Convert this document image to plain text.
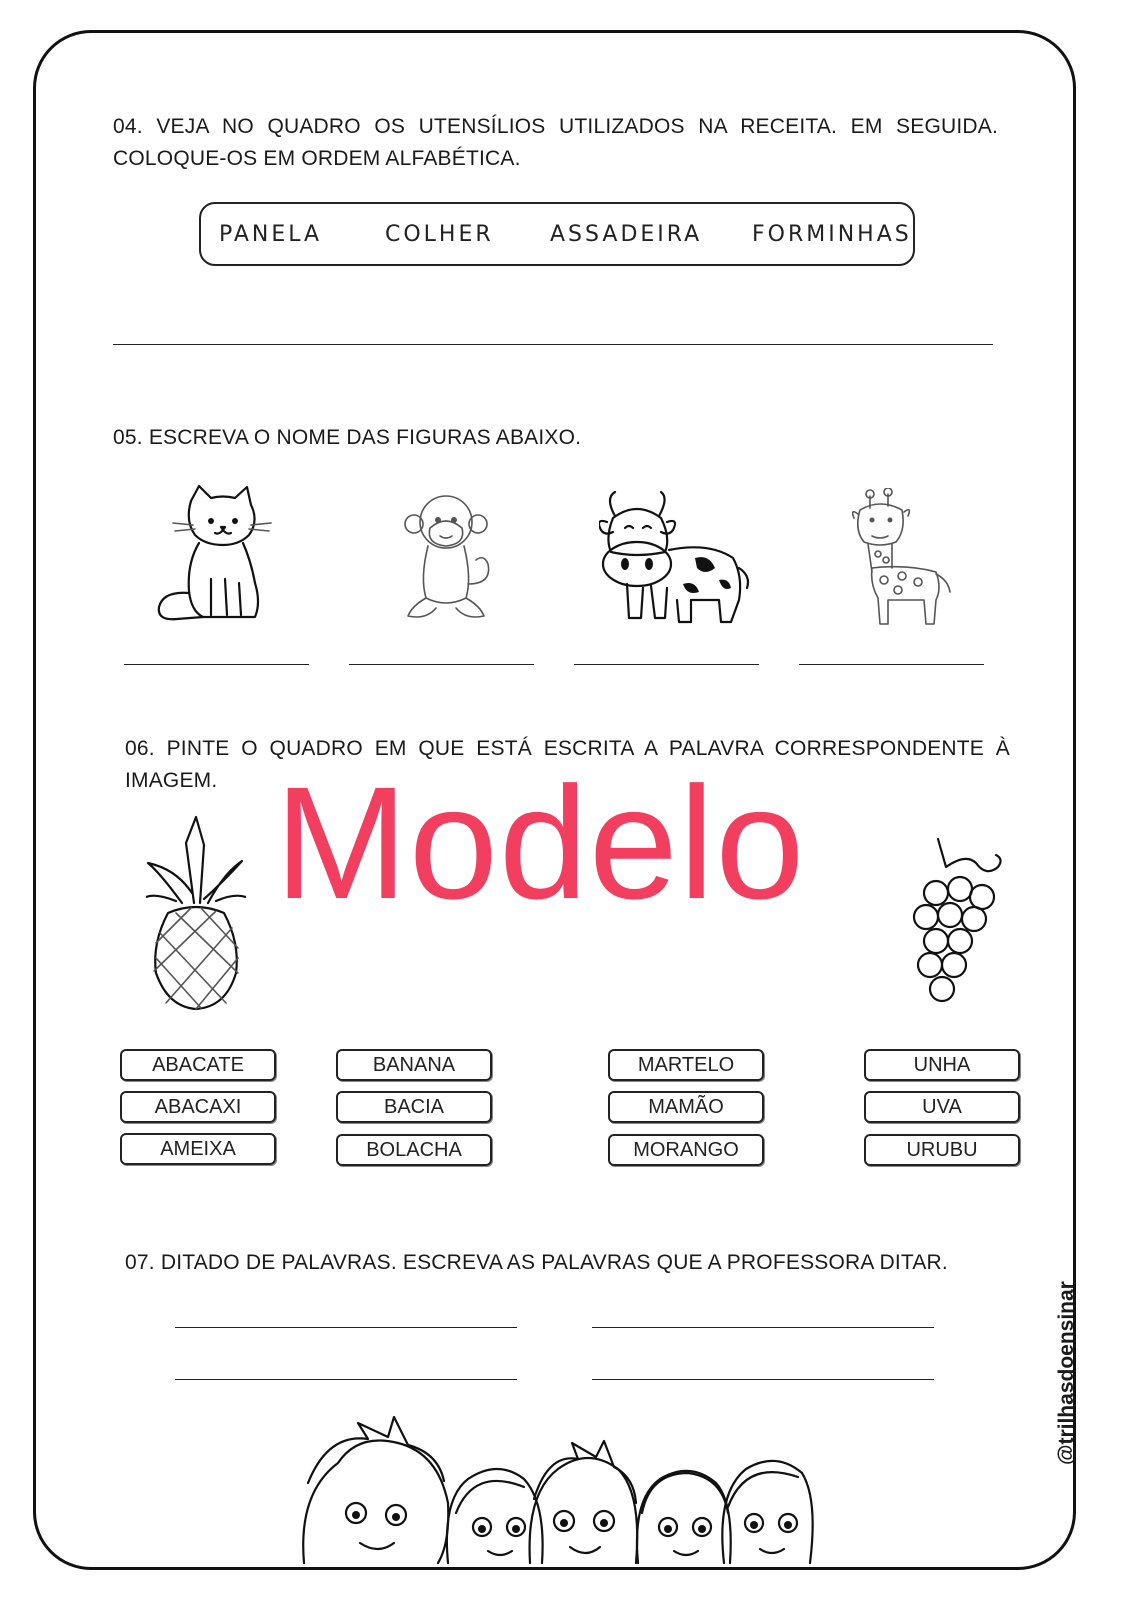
04. VEJA NO QUADRO OS UTENSÍLIOS UTILIZADOS NA RECEITA. EM SEGUIDA.
COLOQUE-OS EM ORDEM ALFABÉTICA.
PANELA	COLHER	ASSADEIRA FORMINHAS
05. ESCREVA O NOME DAS FIGURAS ABAIXO.
06. PINTE O QUADRO EM QUE ESTÁ ESCRITA A PALAVRA CORRESPONDENTE À
IMAGEM.
ABACATE
ABACAXI
AMEIXA
BANANA
BACIA
BOLACHA
MARTELO
MAMÃO
MORANGO
UNHA
UVA
URUBU
07. DITADO DE PALAVRAS. ESCREVA AS PALAVRAS QUE A PROFESSORA DITAR.
Modelo
@trilhasdoensinar
